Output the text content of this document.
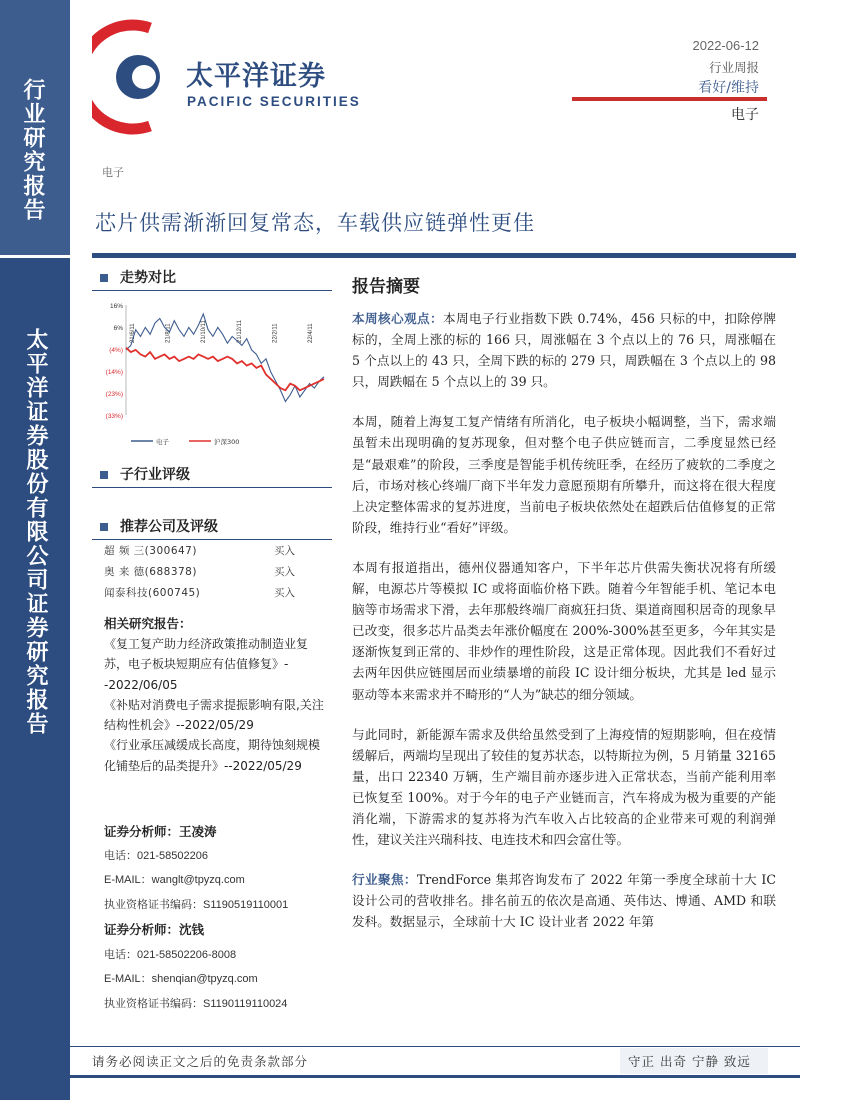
行业研究报告
太平洋证券股份有限公司证券研究报告
太平洋证券
PACIFIC SECURITIES
2022-06-12
行业周报
看好/维持
电子
电子
芯片供需渐渐回复常态，车载供应链弹性更佳
走势对比
16%
6%
(4%)
(14%)
(23%)
(33%)
21/6/11	21/8/11	21/10/11	21/12/11	22/2/11	22/4/11
电子	沪深300
子行业评级
推荐公司及评级
超 频 三(300647)	买入
奥 来 德(688378)	买入
闻泰科技(600745)	买入
相关研究报告：
《复工复产助力经济政策推动制造业复苏，电子板块短期应有估值修复》--2022/06/05
《补贴对消费电子需求提振影响有限,关注结构性机会》--2022/05/29
《行业承压减缓成长高度，期待蚀刻规模化铺垫后的品类提升》--2022/05/29
证券分析师：王凌涛
电话：021-58502206
E-MAIL：wanglt@tpyzq.com
执业资格证书编码：S1190519110001
证券分析师：沈钱
电话：021-58502206-8008
E-MAIL：shenqian@tpyzq.com
执业资格证书编码：S1190119110024
报告摘要

本周核心观点：本周电子行业指数下跌 0.74%，456 只标的中，扣除停牌标的，全周上涨的标的 166 只，周涨幅在 3 个点以上的 76 只，周涨幅在 5 个点以上的 43 只，全周下跌的标的 279 只，周跌幅在 3 个点以上的 98 只，周跌幅在 5 个点以上的 39 只。

本周，随着上海复工复产情绪有所消化，电子板块小幅调整，当下，需求端虽暂未出现明确的复苏现象，但对整个电子供应链而言，二季度显然已经是“最艰难”的阶段，三季度是智能手机传统旺季，在经历了疲软的二季度之后，市场对核心终端厂商下半年发力意愿预期有所攀升，而这将在很大程度上决定整体需求的复苏进度，当前电子板块依然处在超跌后估值修复的正常阶段，维持行业“看好”评级。

本周有报道指出，德州仪器通知客户，下半年芯片供需失衡状况将有所缓解，电源芯片等模拟 IC 或将面临价格下跌。随着今年智能手机、笔记本电脑等市场需求下滑，去年那般终端厂商疯狂扫货、渠道商囤积居奇的现象早已改变，很多芯片品类去年涨价幅度在 200%-300%甚至更多，今年其实是逐渐恢复到正常的、非炒作的理性阶段，这是正常体现。因此我们不看好过去两年因供应链囤居而业绩暴增的前段 IC 设计细分板块，尤其是 led 显示驱动等本来需求并不畸形的“人为”缺芯的细分领域。

与此同时，新能源车需求及供给虽然受到了上海疫情的短期影响，但在疫情缓解后，两端均呈现出了较佳的复苏状态，以特斯拉为例，5 月销量 32165 量，出口 22340 万辆，生产端目前亦逐步进入正常状态，当前产能利用率已恢复至 100%。对于今年的电子产业链而言，汽车将成为极为重要的产能消化端，下游需求的复苏将为汽车收入占比较高的企业带来可观的利润弹性，建议关注兴瑞科技、电连技术和四会富仕等。

行业聚焦：TrendForce 集邦咨询发布了 2022 年第一季度全球前十大 IC 设计公司的营收排名。排名前五的依次是高通、英伟达、博通、AMD 和联发科。数据显示，全球前十大 IC 设计业者 2022 年第

请务必阅读正文之后的免责条款部分	守正 出奇 宁静 致远
